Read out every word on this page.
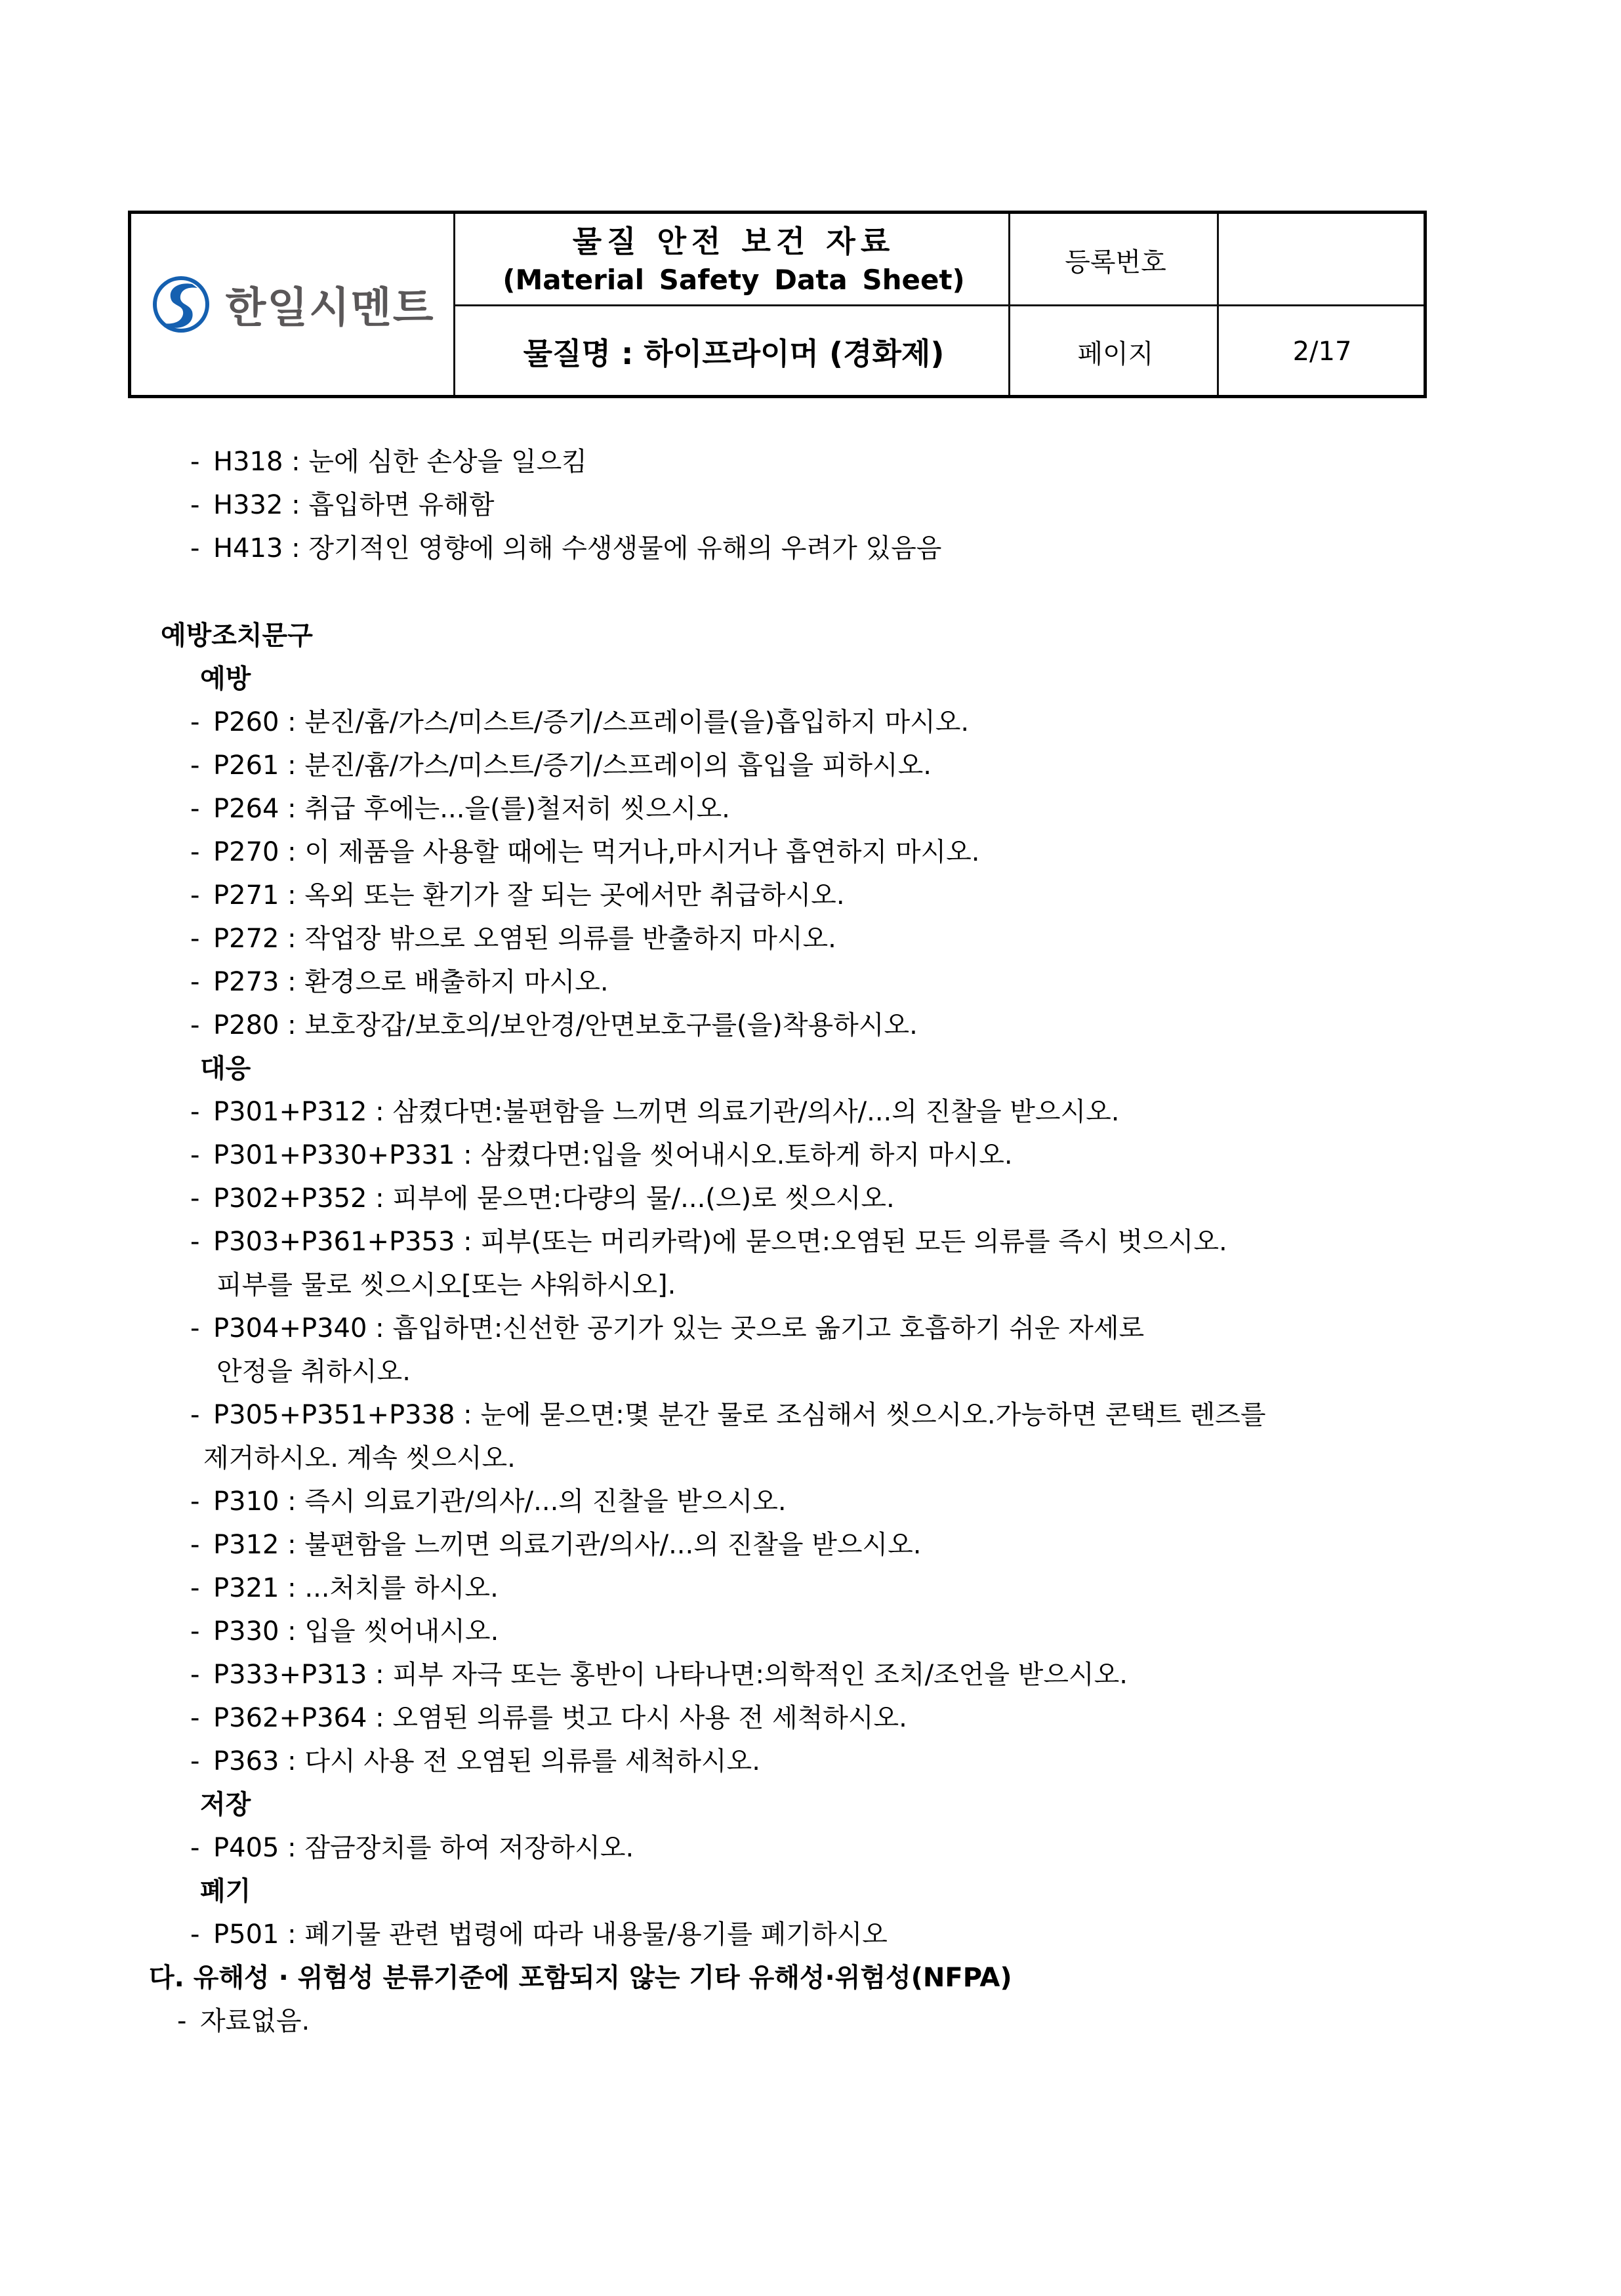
한일시멘트
물질 안전 보건 자료
(Material Safety Data Sheet)
물질명 : 하이프라이머 (경화제)
등록번호
페이지	2/17
- H318 : 눈에 심한 손상을 일으킴
- H332 : 흡입하면 유해함
- H413 : 장기적인 영향에 의해 수생생물에 유해의 우려가 있음음
예방조치문구
예방
- P260 : 분진/흄/가스/미스트/증기/스프레이를(을)흡입하지 마시오.
- P261 : 분진/흄/가스/미스트/증기/스프레이의 흡입을 피하시오.
- P264 : 취급 후에는...을(를)철저히 씻으시오.
- P270 : 이 제품을 사용할 때에는 먹거나,마시거나 흡연하지 마시오.
- P271 : 옥외 또는 환기가 잘 되는 곳에서만 취급하시오.
- P272 : 작업장 밖으로 오염된 의류를 반출하지 마시오.
- P273 : 환경으로 배출하지 마시오.
- P280 : 보호장갑/보호의/보안경/안면보호구를(을)착용하시오.
대응
- P301+P312 : 삼켰다면:불편함을 느끼면 의료기관/의사/...의 진찰을 받으시오.
- P301+P330+P331 : 삼켰다면:입을 씻어내시오.토하게 하지 마시오.
- P302+P352 : 피부에 묻으면:다량의 물/...(으)로 씻으시오.
- P303+P361+P353 : 피부(또는 머리카락)에 묻으면:오염된 모든 의류를 즉시 벗으시오.
피부를 물로 씻으시오[또는 샤워하시오].
- P304+P340 : 흡입하면:신선한 공기가 있는 곳으로 옮기고 호흡하기 쉬운 자세로
안정을 취하시오.
- P305+P351+P338 : 눈에 묻으면:몇 분간 물로 조심해서 씻으시오.가능하면 콘택트 렌즈를
제거하시오. 계속 씻으시오.
- P310 : 즉시 의료기관/의사/...의 진찰을 받으시오.
- P312 : 불편함을 느끼면 의료기관/의사/...의 진찰을 받으시오.
- P321 : ...처치를 하시오.
- P330 : 입을 씻어내시오.
- P333+P313 : 피부 자극 또는 홍반이 나타나면:의학적인 조치/조언을 받으시오.
- P362+P364 : 오염된 의류를 벗고 다시 사용 전 세척하시오.
- P363 : 다시 사용 전 오염된 의류를 세척하시오.
저장
- P405 : 잠금장치를 하여 저장하시오.
폐기
- P501 : 폐기물 관련 법령에 따라 내용물/용기를 폐기하시오
다. 유해성 · 위험성 분류기준에 포함되지 않는 기타 유해성·위험성(NFPA)
- 자료없음.
